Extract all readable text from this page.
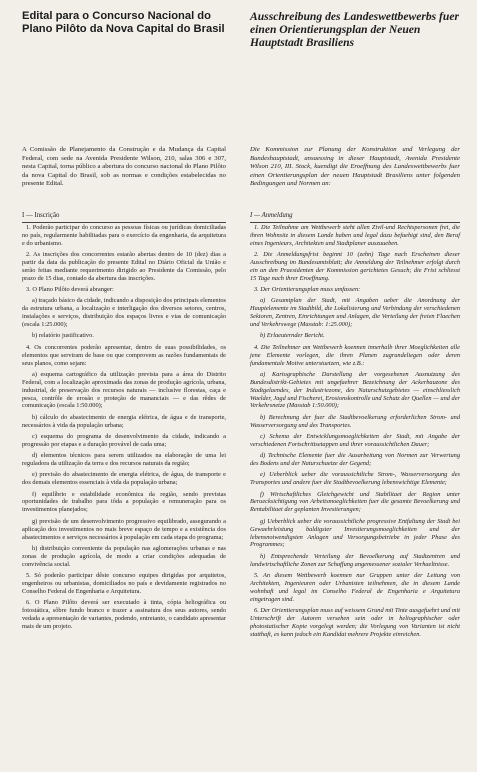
Edital para o Concurso Nacional do Plano Pilôto da Nova Capital do Brasil
A Comissão de Planejamento da Construção e da Mudança da Capital Federal, com sede na Avenida Presidente Wilson, 210, salas 306 e 307, nesta Capital, torna público a abertura do concurso nacional do Plano Pilôto da nova Capital do Brasil, sob as normas e condições estabelecidas no presente Edital.
I — Inscrição
1. Poderão participar do concurso as pessoas físicas ou jurídicas domiciliadas no país, regularmente habilitadas para o exercício da engenharia, da arquitetura e do urbanismo.
2. As inscrições dos concorrentes estarão abertas dentro de 10 (dez) dias a partir da data da publicação do presente Edital no Diário Oficial da União e serão feitas mediante requerimento dirigido ao Presidente da Comissão, pelo prazo de 15 dias, contado da abertura das inscrições.
3. O Plano Pilôto deverá abranger:
a) traçado básico da cidade, indicando a disposição dos principais elementos da estrutura urbana, a localização e interligação dos diversos setores, centros, instalações e serviços, distribuição dos espaços livres e vias de comunicação (escala 1:25.000);
b) relatório justificativo.
4. Os concorrentes poderão apresentar, dentro de suas possibilidades, os elementos que serviram de base ou que comprovem as razões fundamentais de seus planos, como sejam:
a) esquema cartográfico da utilização prevista para a área do Distrito Federal, com a localização aproximada das zonas de produção agrícola, urbana, industrial, de preservação dos recursos naturais — inclusive florestas, caça e pesca, contrôle de erosão e proteção de mananciais — e das rêdes de comunicação (escala 1:50.000);
b) cálculo do abastecimento de energia elétrica, de água e de transporte, necessários à vida da população urbana;
c) esquema do programa de desenvolvimento da cidade, indicando a progressão por etapas e a duração provável de cada uma;
d) elementos técnicos para serem utilizados na elaboração de uma lei reguladora da utilização da terra e dos recursos naturais da região;
e) previsão do abastecimento de energia elétrica, de água, de transporte e dos demais elementos essenciais à vida da população urbana;
f) equilíbrio e estabilidade econômica da região, sendo previstas oportunidades de trabalho para tôda a população e remuneração para os investimentos planejados;
g) previsão de um desenvolvimento progressivo equilibrado, assegurando a aplicação dos investimentos no mais breve espaço de tempo e a existência dos abastecimentos e serviços necessários à população em cada etapa do programa;
h) distribuição conveniente da população nas aglomerações urbanas e nas zonas de produção agrícola, de modo a criar condições adequadas de convivência social.
5. Só poderão participar dêste concurso equipes dirigidas por arquitetos, engenheiros ou urbanistas, domiciliados no país e devidamente registrados no Conselho Federal de Engenharia e Arquitetura.
6. O Plano Pilôto deverá ser executado à tinta, cópia heliográfica ou fotostática, sôbre fundo branco e trazer a assinatura dos seus autores, sendo vedada a apresentação de variantes, podendo, entretanto, o candidato apresentar mais de um projeto.
Ausschreibung des Landeswettbewerbs fuer einen Orientierungsplan der Neuen Hauptstadt Brasiliens
Die Kommission zur Planung der Konstruktion und Verlegung der Bundeshauptstadt, ansaessing in dieser Hauptstadt, Avenida Presidente Wilson 210, III. Stock, kuendigt die Eroeffnung des Landeswettbewerbs fuer einen Orientierungsplan der neuen Hauptstadt Brasiliens unter folgenden Bedingungen und Normen an:
I — Anmeldung
1. Die Teilnahme am Wettbewerb steht allen Zivil-und Rechtspersonen frei, die ihren Wohnsitz in diesem Lande haben und legal dazu befaehigt sind, den Beruf eines Ingenieurs, Architekten und Stadtplaner auszuueben.
2. Die Anmeldungsfrist beginnt 10 (zehn) Tage nach Erscheinen dieser Ausschreibung im Bundesamtsblatt; die Anmeldung der Teilnehmer erfolgt durch ein an den Praesidenten der Kommission gerichtetes Gesuch; die Frist schliesst 15 Tage nach ihrer Eroeffnung.
3. Der Orientierungsplan muss umfassen:
a) Gesamtplan der Stadt, mit Angaben ueber die Anordnung der Hauptelemente im Stadtbild, die Lokalisierung und Verbindung der verschiedenen Sektoren, Zentren, Einrichtungen und Anlagen, die Verteilung der freien Flaechen und Verkehrswege (Masstab: 1:25.000);
b) Erlaeuternder Bericht.
4. Die Teilnehmer am Wettbewerb koennen innerhalb ihrer Moeglichkeiten alle jene Elemente vorlegen, die ihren Planen zugrundeliegen oder deren fundamentale Motive unterstuetzen, wie z.B.:
a) Kartographische Darstellung der vorgesehenen Ausnutzung des Bundesdistrikt-Gebietes mit ungefaehrer Bezeichnung der Ackerbauzone des Stadtgelaendes, der Industriezone, des Naturschutzgebietes — einschliesslich Waelder, Jagd und Fischerei, Erosionskontrolle und Schutz der Quellen — und der Verkehrsnetze (Masstab 1:50.000);
b) Berechnung der fuer die Stadtbevoelkerung erforderlichen Strom- und Wasserversorgung und des Transportes.
c) Schema der Entwicklungsmoeglichkeiten der Stadt, mit Angabe der verschiedenen Fortschrittsetappen und ihrer voraussichtlichen Dauer;
d) Technische Elemente fuer die Ausarbeitung von Normen zur Verwertung des Bodens und der Naturschaetze der Gegend;
e) Ueberblick ueber die voraussichtliche Strom-, Wasserversorgung des Transportes und andere fuer die Stadtbevoelkerung lebenswichtige Elemente;
f) Wirtschaftliches Gleichgewicht und Stabilitaet der Region unter Beruecksichtigung von Arbeitsmoeglichkeiten fuer die gesamte Bevoelkerung und Rentabilitaet der geplanten Investierungen;
g) Ueberblick ueber die voraussichtliche progressive Entfaltung der Stadt bei Gewaehrleistung baldigster Investierungsmoeglichkeiten und der lebensnotwendigsten Anlagen und Versorgungsbetriebe in jeder Phase des Programmes;
h) Entsprechende Verteilung der Bevoelkerung auf Stadtzentren und landwirtschaftliche Zonen zur Schaffung angemessener sozialer Verhaeltnisse.
5. An diesem Wettbewerb koennen nur Gruppen unter der Leitung von Architekten, Ingenieuren oder Urbanisten teilnehmen, die in diesem Lande wohnhaft und legal im Conselho Federal de Engenharia e Arquitetura eingetragen sind.
6. Der Orientierungsplan muss auf weissem Grund mit Tinte ausgefuehrt und mit Unterschrift der Autoren versehen sein oder in heliographischer oder photostatischer Kopie vorgelegt werden; die Vorlegung von Varianten ist nicht statthaft, es kann jedoch ein Kandidat mehrere Projekte einreichen.
